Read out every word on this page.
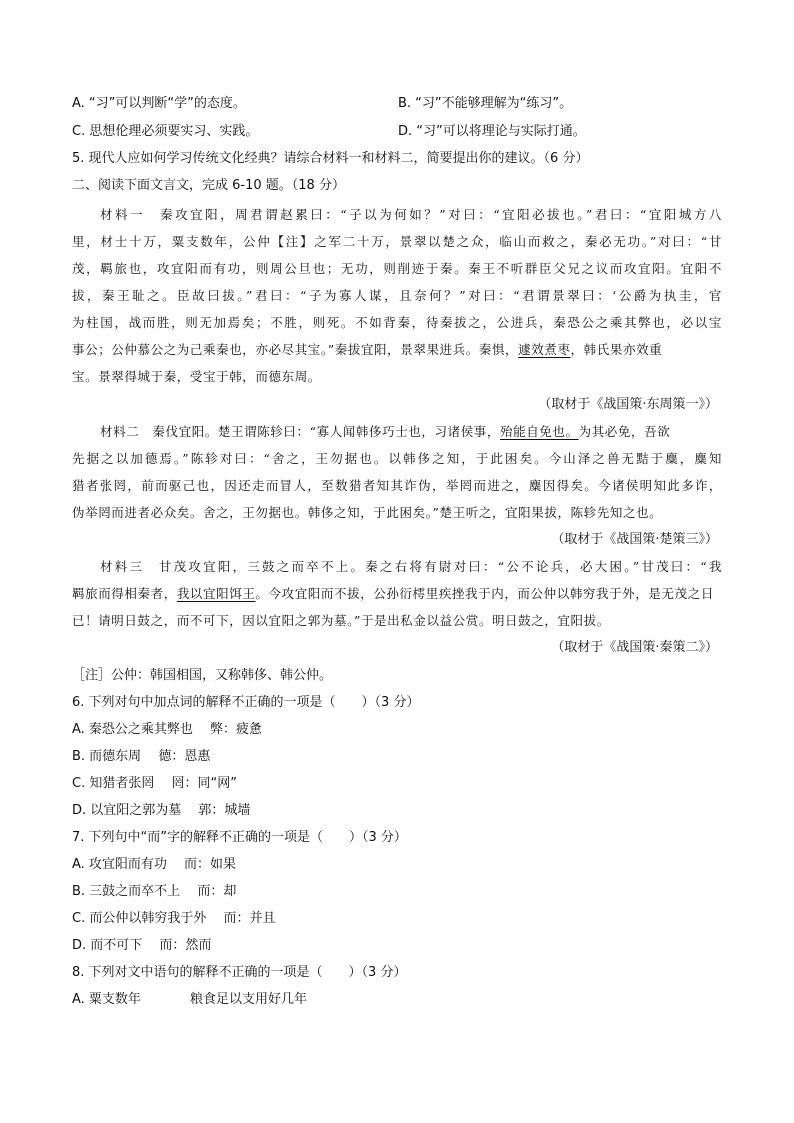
A. “习”可以判断“学”的态度。	B. “习”不能够理解为“练习”。
C. 思想伦理必须要实习、实践。	D. “习”可以将理论与实际打通。
5. 现代人应如何学习传统文化经典？请综合材料一和材料二，简要提出你的建议。（6 分）
二、阅读下面文言文，完成 6-10 题。（18 分）
材料一　秦攻宜阳，周君谓赵累曰：“子以为何如？”对曰：“宜阳必拔也。”君曰：“宜阳城方八
里，材士十万，粟支数年，公仲【注】之军二十万，景翠以楚之众，临山而救之，秦必无功。”对曰：“甘
茂，羁旅也，攻宜阳而有功，则周公旦也；无功，则削迹于秦。秦王不听群臣父兄之议而攻宜阳。宜阳不
拔，秦王耻之。臣故曰拔。”君曰：“子为寡人谋，且奈何？”对曰：“君谓景翠曰：‘公爵为执圭，官
为柱国，战而胜，则无加焉矣；不胜，则死。不如背秦，待秦拔之，公进兵，秦恐公之乘其弊也，必以宝
事公；公仲慕公之为己乘秦也，亦必尽其宝。”秦拔宜阳，景翠果进兵。秦惧，遽效煮枣，韩氏果亦效重
宝。景翠得城于秦，受宝于韩，而德东周。
（取材于《战国策·东周策一》）
材料二　秦伐宜阳。楚王谓陈轸曰：“寡人闻韩侈巧士也，习诸侯事，殆能自免也。为其必免，吾欲
先据之以加德焉。”陈轸对曰：“舍之，王勿据也。以韩侈之知，于此困矣。今山泽之兽无黠于麋，麋知
猎者张罔，前而驱己也，因还走而冒人，至数猎者知其诈伪，举罔而进之，麋因得矣。今诸侯明知此多诈，
伪举罔而进者必众矣。舍之，王勿据也。韩侈之知，于此困矣。”楚王听之，宜阳果拔，陈轸先知之也。
（取材于《战国策·楚策三》）
材料三　甘茂攻宜阳，三鼓之而卒不上。秦之右将有尉对曰：“公不论兵，必大困。”甘茂曰：“我
羁旅而得相秦者，我以宜阳饵王。今攻宜阳而不拔，公孙衍樗里疾挫我于内，而公仲以韩穷我于外，是无茂之日
已！请明日鼓之，而不可下，因以宜阳之郭为墓。”于是出私金以益公赏。明日鼓之，宜阳拔。
（取材于《战国策·秦策二》）
［注］公仲：韩国相国，又称韩侈、韩公仲。
6. 下列对句中加点词的解释不正确的一项是（　　）（3 分）
A. 秦恐公之乘其弊也　 弊：疲惫
B. 而德东周　 德：恩惠
C. 知猎者张罔　 罔：同“网”
D. 以宜阳之郭为墓　 郭：城墙
7. 下列句中“而”字的解释不正确的一项是（　　）（3 分）
A. 攻宜阳而有功　 而：如果
B. 三鼓之而卒不上　 而：却
C. 而公仲以韩穷我于外　 而：并且
D. 而不可下　 而：然而
8. 下列对文中语句的解释不正确的一项是（　　）（3 分）
A. 粟支数年	粮食足以支用好几年
